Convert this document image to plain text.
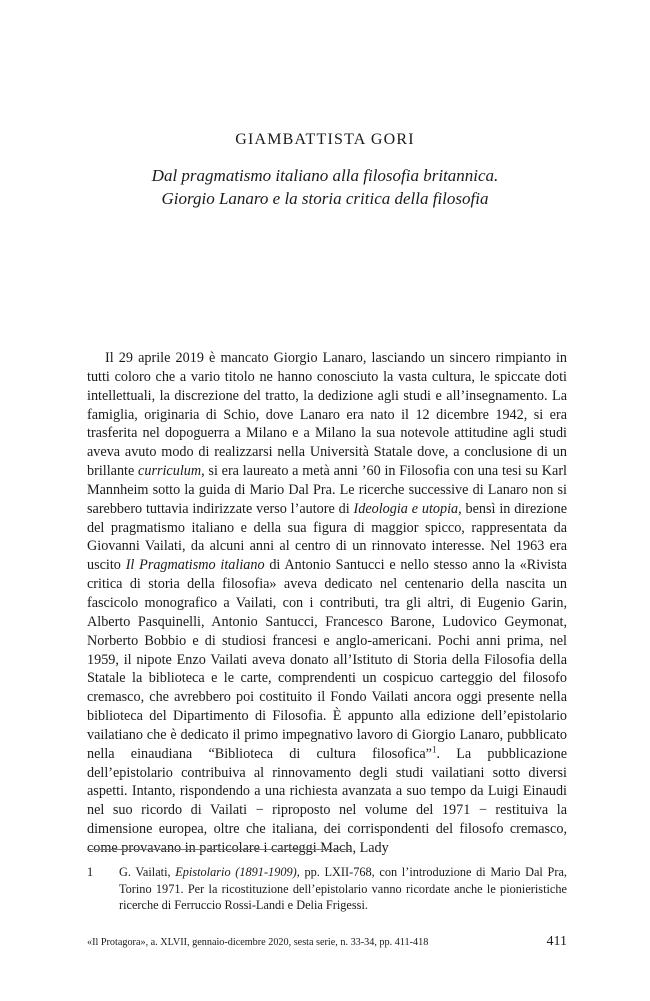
GIAMBATTISTA GORI
Dal pragmatismo italiano alla filosofia britannica.
Giorgio Lanaro e la storia critica della filosofia

Il 29 aprile 2019 è mancato Giorgio Lanaro, lasciando un sincero rimpianto in tutti coloro che a vario titolo ne hanno conosciuto la vasta cultura, le spiccate doti intellettuali, la discrezione del tratto, la dedizione agli studi e all’insegnamento. La famiglia, originaria di Schio, dove Lanaro era nato il 12 dicembre 1942, si era trasferita nel dopoguerra a Milano e a Milano la sua notevole attitudine agli studi aveva avuto modo di realizzarsi nella Università Statale dove, a conclusione di un brillante curriculum, si era laureato a metà anni ’60 in Filosofia con una tesi su Karl Mannheim sotto la guida di Mario Dal Pra. Le ricerche successive di Lanaro non si sarebbero tuttavia indirizzate verso l’autore di Ideologia e utopia, bensì in direzione del pragmatismo italiano e della sua figura di maggior spicco, rappresentata da Giovanni Vailati, da alcuni anni al centro di un rinnovato interesse. Nel 1963 era uscito Il Pragmatismo italiano di Antonio Santucci e nello stesso anno la «Rivista critica di storia della filosofia» aveva dedicato nel centenario della nascita un fascicolo monografico a Vailati, con i contributi, tra gli altri, di Eugenio Garin, Alberto Pasquinelli, Antonio Santucci, Francesco Barone, Ludovico Geymonat, Norberto Bobbio e di studiosi francesi e anglo-americani. Pochi anni prima, nel 1959, il nipote Enzo Vailati aveva donato all’Istituto di Storia della Filosofia della Statale la biblioteca e le carte, comprendenti un cospicuo carteggio del filosofo cremasco, che avrebbero poi costituito il Fondo Vailati ancora oggi presente nella biblioteca del Dipartimento di Filosofia. È appunto alla edizione dell’epistolario vailatiano che è dedicato il primo impegnativo lavoro di Giorgio Lanaro, pubblicato nella einaudiana “Biblioteca di cultura filosofica”$^1$. La pubblicazione dell’epistolario contribuiva al rinnovamento degli studi vailatiani sotto diversi aspetti. Intanto, rispondendo a una richiesta avanzata a suo tempo da Luigi Einaudi nel suo ricordo di Vailati − riproposto nel volume del 1971 − restituiva la dimensione europea, oltre che italiana, dei corrispondenti del filosofo cremasco, come provavano in particolare i carteggi Mach, Lady

1	G. Vailati, Epistolario (1891-1909), pp. LXII-768, con l’introduzione di Mario Dal Pra, Torino 1971. Per la ricostituzione dell’epistolario vanno ricordate anche le pionieristiche ricerche di Ferruccio Rossi-Landi e Delia Frigessi.
«Il Protagora», a. XLVII, gennaio-dicembre 2020, sesta serie, n. 33-34, pp. 411-418	411
